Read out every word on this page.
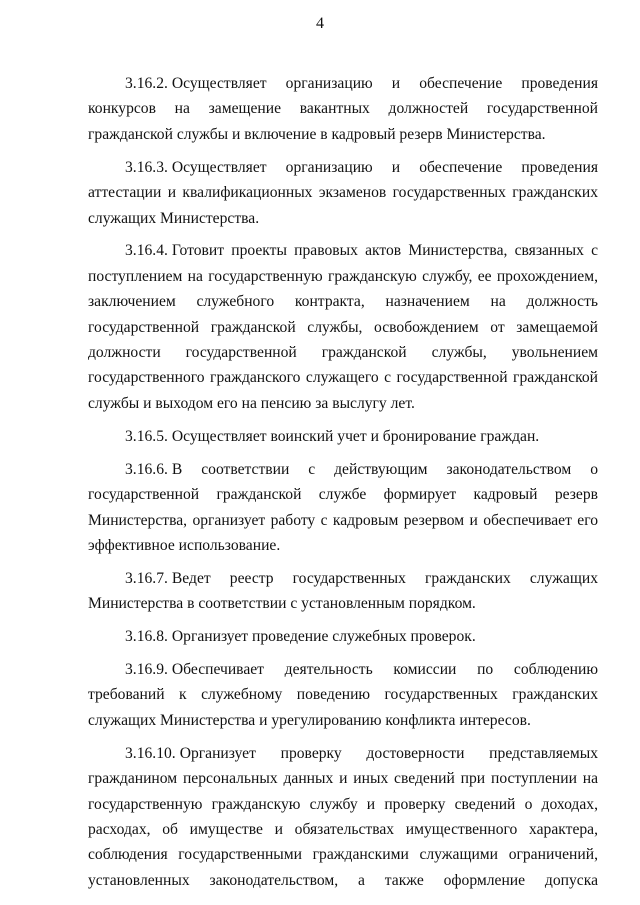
4

3.16.2. Осуществляет организацию и обеспечение проведения конкурсов на замещение вакантных должностей государственной гражданской службы и включение в кадровый резерв Министерства.

3.16.3. Осуществляет организацию и обеспечение проведения аттестации и квалификационных экзаменов государственных гражданских служащих Министерства.

3.16.4. Готовит проекты правовых актов Министерства, связанных с поступлением на государственную гражданскую службу, ее прохождением, заключением служебного контракта, назначением на должность государственной гражданской службы, освобождением от замещаемой должности государственной гражданской службы, увольнением государственного гражданского служащего с государственной гражданской службы и выходом его на пенсию за выслугу лет.

3.16.5. Осуществляет воинский учет и бронирование граждан.

3.16.6. В соответствии с действующим законодательством о государственной гражданской службе формирует кадровый резерв Министерства, организует работу с кадровым резервом и обеспечивает его эффективное использование.

3.16.7. Ведет реестр государственных гражданских служащих Министерства в соответствии с установленным порядком.

3.16.8. Организует проведение служебных проверок.

3.16.9. Обеспечивает деятельность комиссии по соблюдению требований к служебному поведению государственных гражданских служащих Министерства и урегулированию конфликта интересов.

3.16.10. Организует проверку достоверности представляемых гражданином персональных данных и иных сведений при поступлении на государственную гражданскую службу и проверку сведений о доходах, расходах, об имуществе и обязательствах имущественного характера, соблюдения государственными гражданскими служащими ограничений, установленных законодательством, а также оформление допуска
